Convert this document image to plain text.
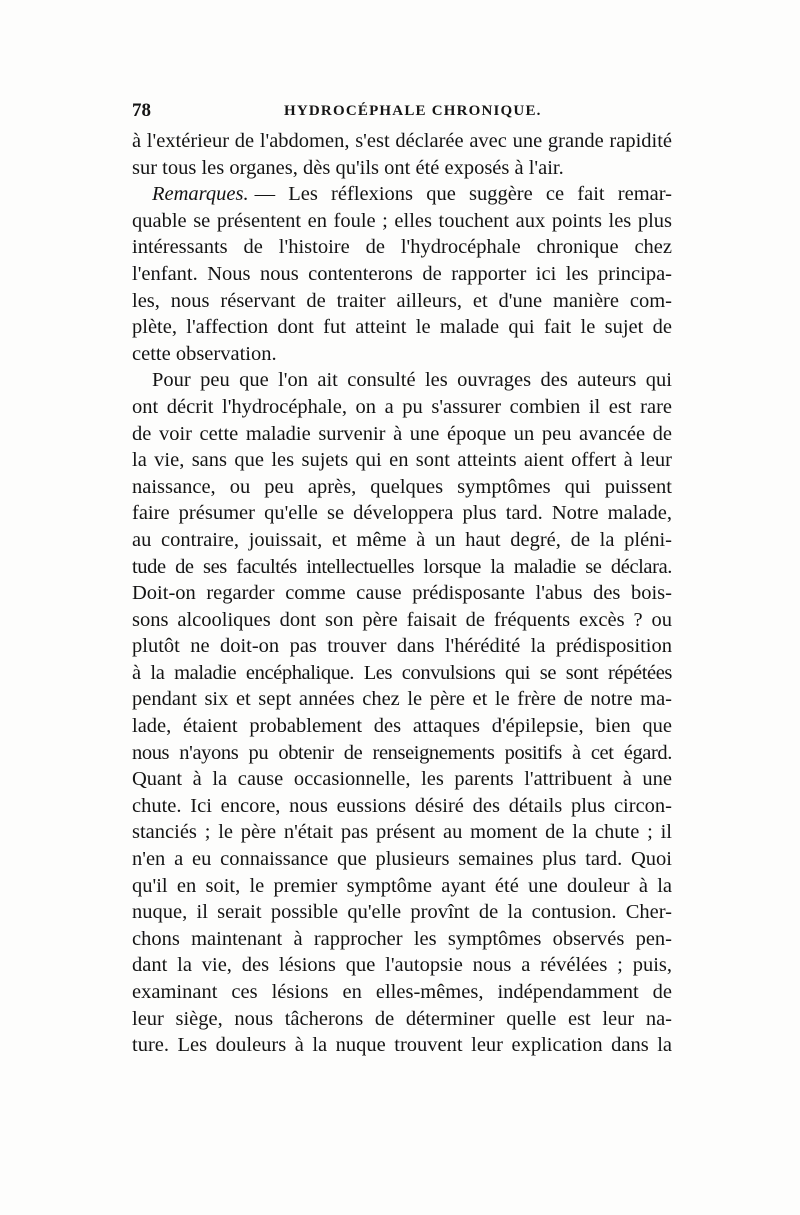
78	HYDROCÉPHALE CHRONIQUE.
à l'extérieur de l'abdomen, s'est déclarée avec une grande rapidité
sur tous les organes, dès qu'ils ont été exposés à l'air.
Remarques. — Les réflexions que suggère ce fait remar-
quable se présentent en foule ; elles touchent aux points les plus
intéressants de l'histoire de l'hydrocéphale chronique chez
l'enfant. Nous nous contenterons de rapporter ici les principa-
les, nous réservant de traiter ailleurs, et d'une manière com-
plète, l'affection dont fut atteint le malade qui fait le sujet de
cette observation.
Pour peu que l'on ait consulté les ouvrages des auteurs qui
ont décrit l'hydrocéphale, on a pu s'assurer combien il est rare
de voir cette maladie survenir à une époque un peu avancée de
la vie, sans que les sujets qui en sont atteints aient offert à leur
naissance, ou peu après, quelques symptômes qui puissent
faire présumer qu'elle se développera plus tard. Notre malade,
au contraire, jouissait, et même à un haut degré, de la pléni-
tude de ses facultés intellectuelles lorsque la maladie se déclara.
Doit-on regarder comme cause prédisposante l'abus des bois-
sons alcooliques dont son père faisait de fréquents excès ? ou
plutôt ne doit-on pas trouver dans l'hérédité la prédisposition
à la maladie encéphalique. Les convulsions qui se sont répétées
pendant six et sept années chez le père et le frère de notre ma-
lade, étaient probablement des attaques d'épilepsie, bien que
nous n'ayons pu obtenir de renseignements positifs à cet égard.
Quant à la cause occasionnelle, les parents l'attribuent à une
chute. Ici encore, nous eussions désiré des détails plus circon-
stanciés ; le père n'était pas présent au moment de la chute ; il
n'en a eu connaissance que plusieurs semaines plus tard. Quoi
qu'il en soit, le premier symptôme ayant été une douleur à la
nuque, il serait possible qu'elle provînt de la contusion. Cher-
chons maintenant à rapprocher les symptômes observés pen-
dant la vie, des lésions que l'autopsie nous a révélées ; puis,
examinant ces lésions en elles-mêmes, indépendamment de
leur siège, nous tâcherons de déterminer quelle est leur na-
ture. Les douleurs à la nuque trouvent leur explication dans la
